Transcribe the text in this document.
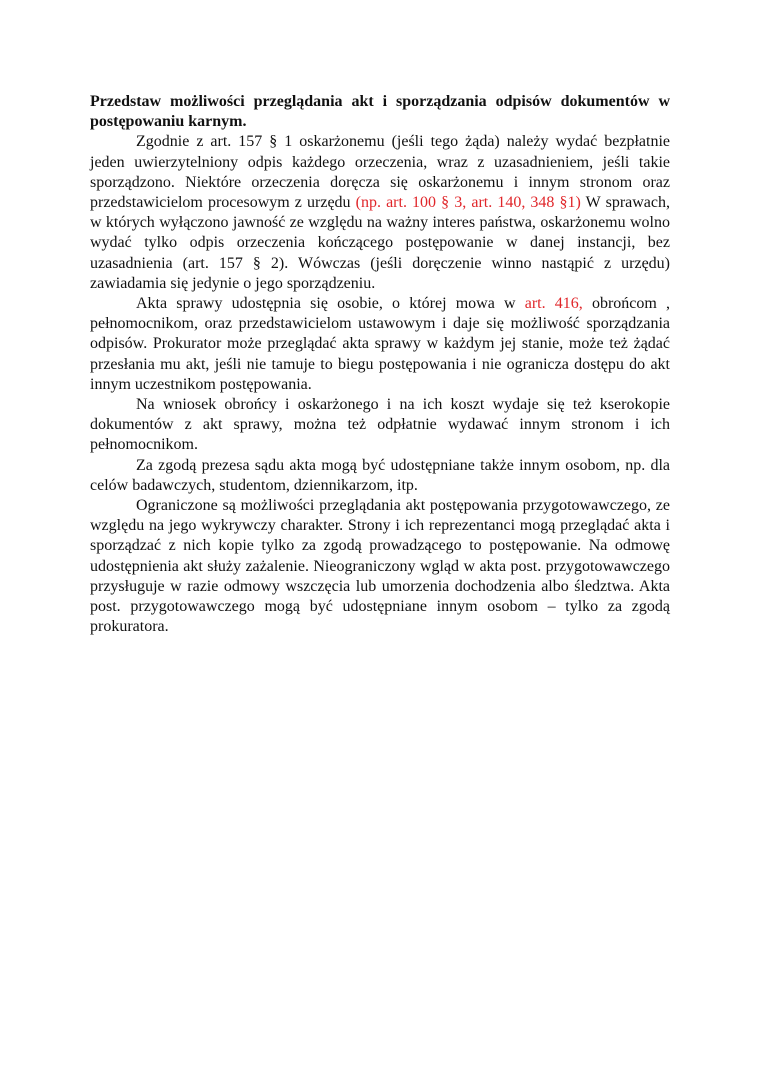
Przedstaw możliwości przeglądania akt i sporządzania odpisów dokumentów w postępowaniu karnym.

Zgodnie z art. 157 § 1 oskarżonemu (jeśli tego żąda) należy wydać bezpłatnie jeden uwierzytelniony odpis każdego orzeczenia, wraz z uzasadnieniem, jeśli takie sporządzono. Niektóre orzeczenia doręcza się oskarżonemu i innym stronom oraz przedstawicielom procesowym z urzędu (np. art. 100 § 3, art. 140, 348 §1) W sprawach, w których wyłączono jawność ze względu na ważny interes państwa, oskarżonemu wolno wydać tylko odpis orzeczenia kończącego postępowanie w danej instancji, bez uzasadnienia (art. 157 § 2). Wówczas (jeśli doręczenie winno nastąpić z urzędu) zawiadamia się jedynie o jego sporządzeniu.

Akta sprawy udostępnia się osobie, o której mowa w art. 416, obrońcom , pełnomocnikom, oraz przedstawicielom ustawowym i daje się możliwość sporządzania odpisów. Prokurator może przeglądać akta sprawy w każdym jej stanie, może też żądać przesłania mu akt, jeśli nie tamuje to biegu postępowania i nie ogranicza dostępu do akt innym uczestnikom postępowania.

Na wniosek obrońcy i oskarżonego i na ich koszt wydaje się też kserokopie dokumentów z akt sprawy, można też odpłatnie wydawać innym stronom i ich pełnomocnikom.

Za zgodą prezesa sądu akta mogą być udostępniane także innym osobom, np. dla celów badawczych, studentom, dziennikarzom, itp.

Ograniczone są możliwości przeglądania akt postępowania przygotowawczego, ze względu na jego wykrywczy charakter. Strony i ich reprezentanci mogą przeglądać akta i sporządzać z nich kopie tylko za zgodą prowadzącego to postępowanie. Na odmowę udostępnienia akt służy zażalenie. Nieograniczony wgląd w akta post. przygotowawczego przysługuje w razie odmowy wszczęcia lub umorzenia dochodzenia albo śledztwa. Akta post. przygotowawczego mogą być udostępniane innym osobom – tylko za zgodą prokuratora.
